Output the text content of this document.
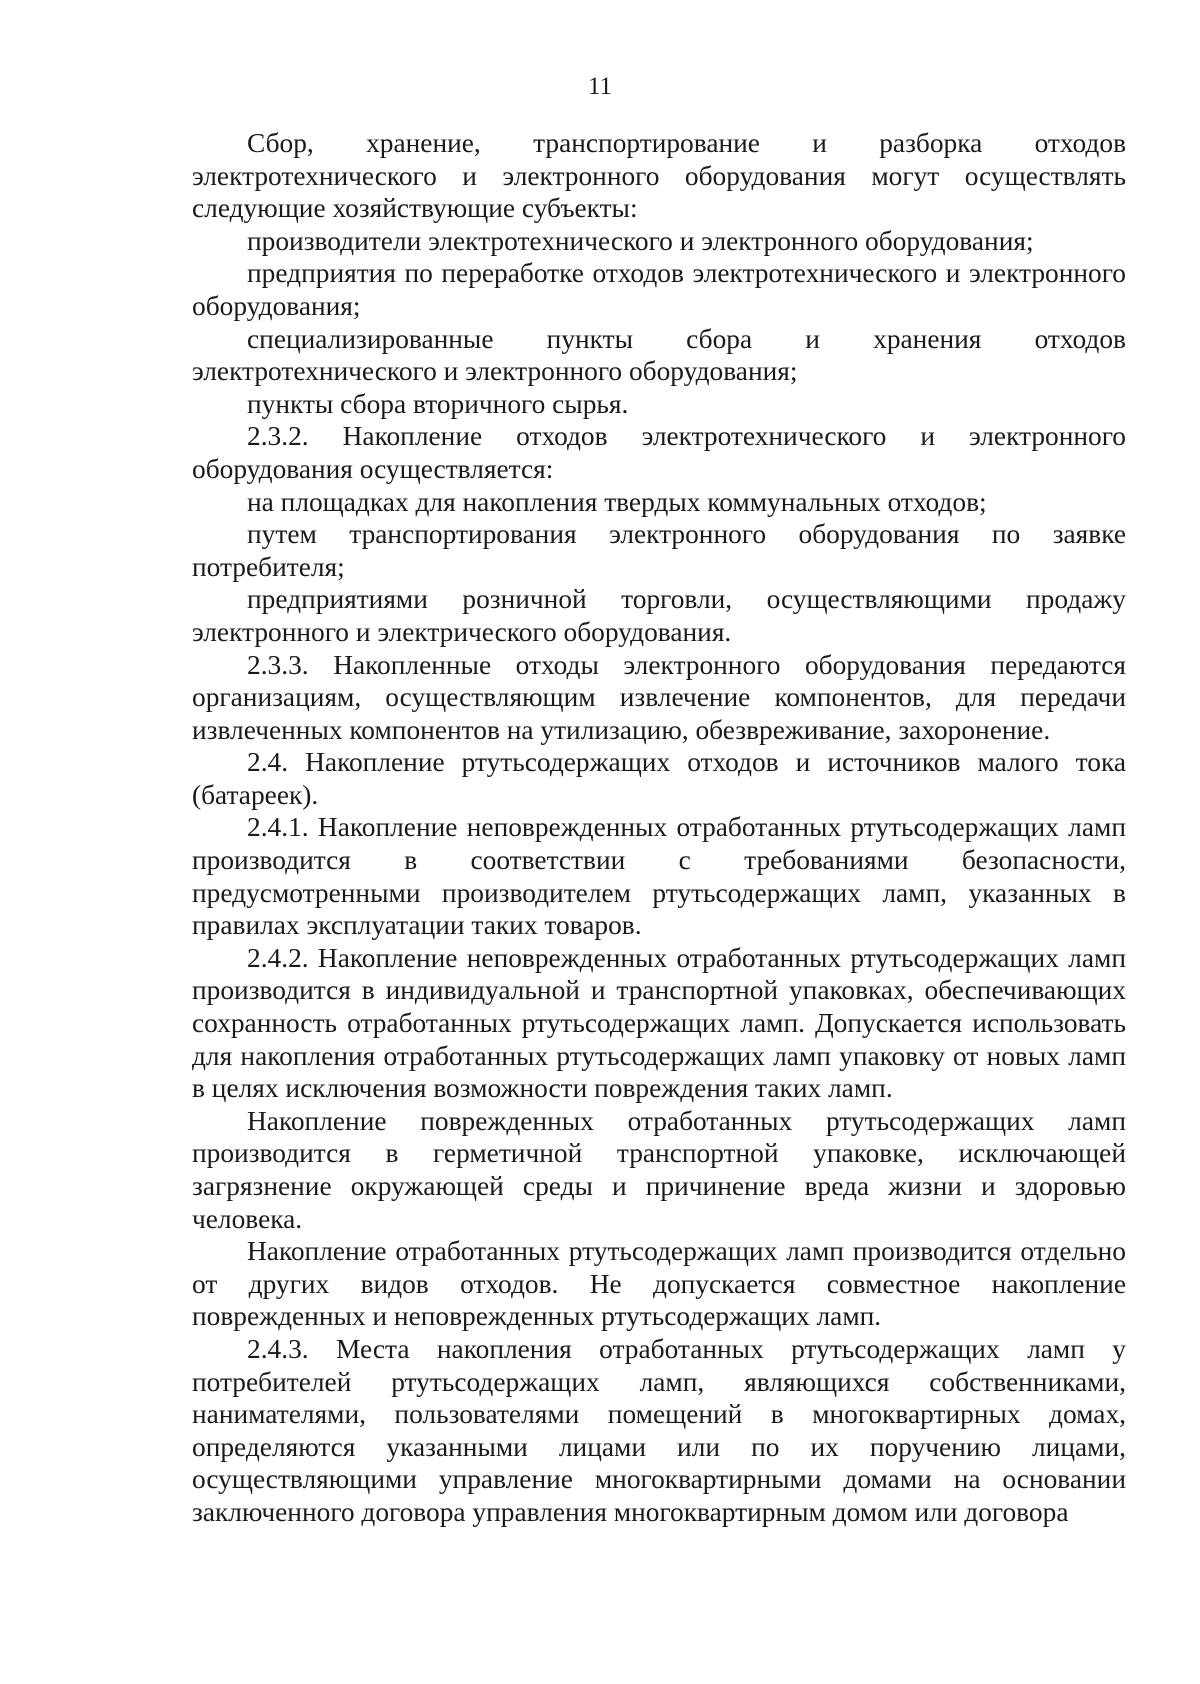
11

Сбор, хранение, транспортирование и разборка отходов электротехнического и электронного оборудования могут осуществлять следующие хозяйствующие субъекты:

производители электротехнического и электронного оборудования;

предприятия по переработке отходов электротехнического и электронного оборудования;

специализированные пункты сбора и хранения отходов электротехнического и электронного оборудования;

пункты сбора вторичного сырья.

2.3.2. Накопление отходов электротехнического и электронного оборудования осуществляется:

на площадках для накопления твердых коммунальных отходов;

путем транспортирования электронного оборудования по заявке потребителя;

предприятиями розничной торговли, осуществляющими продажу электронного и электрического оборудования.

2.3.3. Накопленные отходы электронного оборудования передаются организациям, осуществляющим извлечение компонентов, для передачи извлеченных компонентов на утилизацию, обезвреживание, захоронение.

2.4. Накопление ртутьсодержащих отходов и источников малого тока (батареек).

2.4.1. Накопление неповрежденных отработанных ртутьсодержащих ламп производится в соответствии с требованиями безопасности, предусмотренными производителем ртутьсодержащих ламп, указанных в правилах эксплуатации таких товаров.

2.4.2. Накопление неповрежденных отработанных ртутьсодержащих ламп производится в индивидуальной и транспортной упаковках, обеспечивающих сохранность отработанных ртутьсодержащих ламп. Допускается использовать для накопления отработанных ртутьсодержащих ламп упаковку от новых ламп в целях исключения возможности повреждения таких ламп.

Накопление поврежденных отработанных ртутьсодержащих ламп производится в герметичной транспортной упаковке, исключающей загрязнение окружающей среды и причинение вреда жизни и здоровью человека.

Накопление отработанных ртутьсодержащих ламп производится отдельно от других видов отходов. Не допускается совместное накопление поврежденных и неповрежденных ртутьсодержащих ламп.

2.4.3. Места накопления отработанных ртутьсодержащих ламп у потребителей ртутьсодержащих ламп, являющихся собственниками, нанимателями, пользователями помещений в многоквартирных домах, определяются указанными лицами или по их поручению лицами, осуществляющими управление многоквартирными домами на основании заключенного договора управления многоквартирным домом или договора
